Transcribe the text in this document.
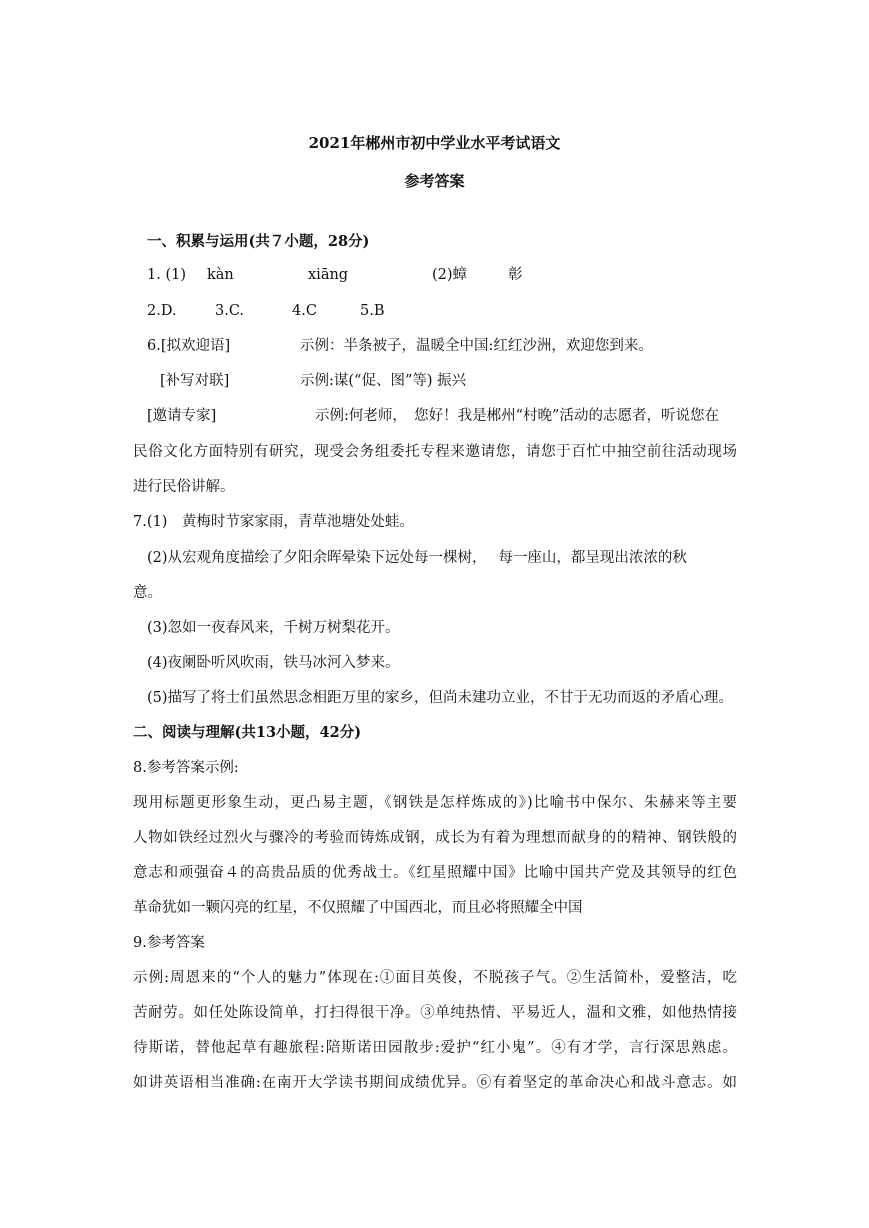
2021年郴州市初中学业水平考试语文
参考答案
一、积累与运用(共７小题，28分)
1. (1) kàn	xiāng	(2)蟑	彰
2.D.	3.C.	4.C	5.B
6.[拟欢迎语]	示例：半条被子，温暖全中国:红红沙洲，欢迎您到来。
[补写对联]	示例:谋(“促、图”等) 振兴
[邀请专家]	示例:何老师，　您好！我是郴州“村晚”活动的志愿者，听说您在
民俗文化方面特别有研究，现受会务组委托专程来邀请您，请您于百忙中抽空前往活动现场
进行民俗讲解。
7.(1)　黄梅时节家家雨，青草池塘处处蛙。
(2)从宏观角度描绘了夕阳余晖晕染下远处每一棵树，　 每一座山，都呈现出浓浓的秋
意。
(3)忽如一夜春风来，千树万树梨花开。
(4)夜阑卧听风吹雨，铁马冰河入梦来。
(5)描写了将士们虽然思念相距万里的家乡，但尚未建功立业，不甘于无功而返的矛盾心理。
二、阅读与理解(共13小题，42分)
8.参考答案示例:
现用标题更形象生动，更凸易主题，《钢铁是怎样炼成的》)比喻书中保尔、朱赫来等主要
人物如铁经过烈火与骤冷的考验而铸炼成钢，成长为有着为理想而献身的的精神、钢铁般的
意志和顽强奋４的高贵品质的优秀战士。《红星照耀中国》比喻中国共产党及其领导的红色
革命犹如一颗闪亮的红星，不仅照耀了中国西北，而且必将照耀全中国
9.参考答案
示例:周恩来的“个人的魅力”体现在:①面目英俊，不脱孩子气。②生活简朴，爱整洁，吃
苦耐劳。如任处陈设简单，打扫得很干净。③单纯热情、平易近人，温和文雅，如他热情接
待斯诺，替他起草有趣旅程:陪斯诺田园散步:爱护“红小鬼”。④有才学，言行深思熟虑。
如讲英语相当准确:在南开大学读书期间成绩优异。⑥有着坚定的革命决心和战斗意志。如
